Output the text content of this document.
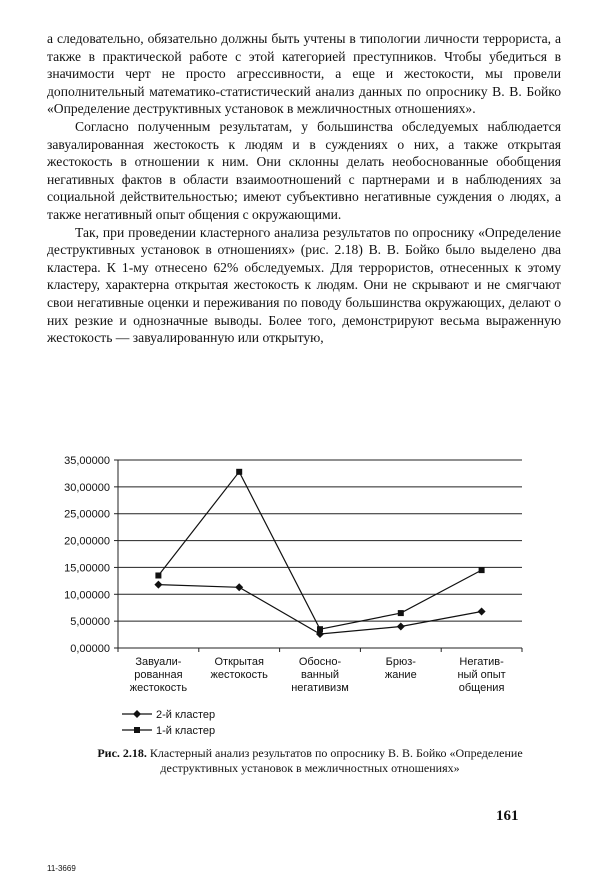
а следовательно, обязательно должны быть учтены в типологии личности террориста, а также в практической работе с этой категорией преступников. Чтобы убедиться в значимости черт не просто агрессивности, а еще и жестокости, мы провели дополнительный математико-статистический анализ данных по опроснику В. В. Бойко «Определение деструктивных установок в межличностных отношениях».

Согласно полученным результатам, у большинства обследуемых наблюдается завуалированная жестокость к людям и в суждениях о них, а также открытая жестокость в отношении к ним. Они склонны делать необоснованные обобщения негативных фактов в области взаимоотношений с партнерами и в наблюдениях за социальной действительностью; имеют субъективно негативные суждения о людях, а также негативный опыт общения с окружающими.

Так, при проведении кластерного анализа результатов по опроснику «Определение деструктивных установок в отношениях» (рис. 2.18) В. В. Бойко было выделено два кластера. К 1-му отнесено 62% обследуемых. Для террористов, отнесенных к этому кластеру, характерна открытая жестокость к людям. Они не скрывают и не смягчают свои негативные оценки и переживания по поводу большинства окружающих, делают о них резкие и однозначные выводы. Более того, демонстрируют весьма выраженную жестокость — завуалированную или открытую,

0,00000
5,00000
10,00000
15,00000
20,00000
25,00000
30,00000
35,00000
Завуали-
рованная
жестокость
Открытая
жестокость
Обосно-
ванный
негативизм
Брюз-
жание
Негатив-
ный опыт
общения
2-й кластер
1-й кластер
Рис. 2.18. Кластерный анализ результатов по опроснику В. В. Бойко «Определение деструктивных установок в межличностных отношениях»
161
11-3669
